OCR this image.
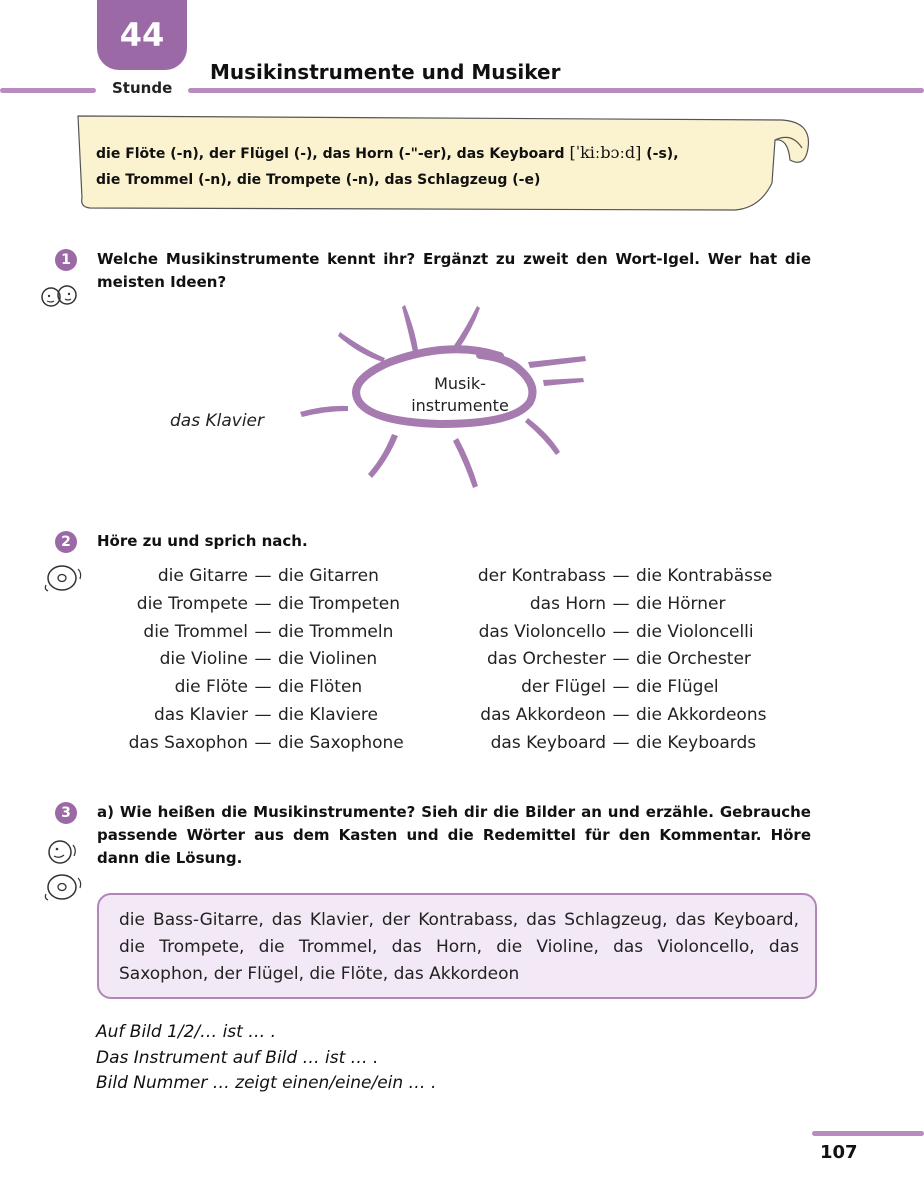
44
Stunde
Musikinstrumente und Musiker
die Flöte (-n), der Flügel (-), das Horn (-"-er), das Keyboard [ˈkiːbɔːd] (-s),
die Trommel (-n), die Trompete (-n), das Schlagzeug (-e)
1	Welche Musikinstrumente kennt ihr? Ergänzt zu zweit den Wort-Igel. Wer hat die meisten Ideen?
Musik-
instrumente
das Klavier
2	Höre zu und sprich nach.
die Gitarre — die Gitarren
die Trompete — die Trompeten
die Trommel — die Trommeln
die Violine — die Violinen
die Flöte — die Flöten
das Klavier — die Klaviere
das Saxophon — die Saxophone
der Kontrabass — die Kontrabässe
das Horn — die Hörner
das Violoncello — die Violoncelli
das Orchester — die Orchester
der Flügel — die Flügel
das Akkordeon — die Akkordeons
das Keyboard — die Keyboards
3	a) Wie heißen die Musikinstrumente? Sieh dir die Bilder an und erzähle. Gebrauche passende Wörter aus dem Kasten und die Redemittel für den Kommentar. Höre dann die Lösung.
die Bass-Gitarre, das Klavier, der Kontrabass, das Schlagzeug, das Keyboard, die Trompete, die Trommel, das Horn, die Violine, das Violoncello, das Saxophon, der Flügel, die Flöte, das Akkordeon
Auf Bild 1/2/… ist … .
Das Instrument auf Bild … ist … .
Bild Nummer … zeigt einen/eine/ein … .
107
